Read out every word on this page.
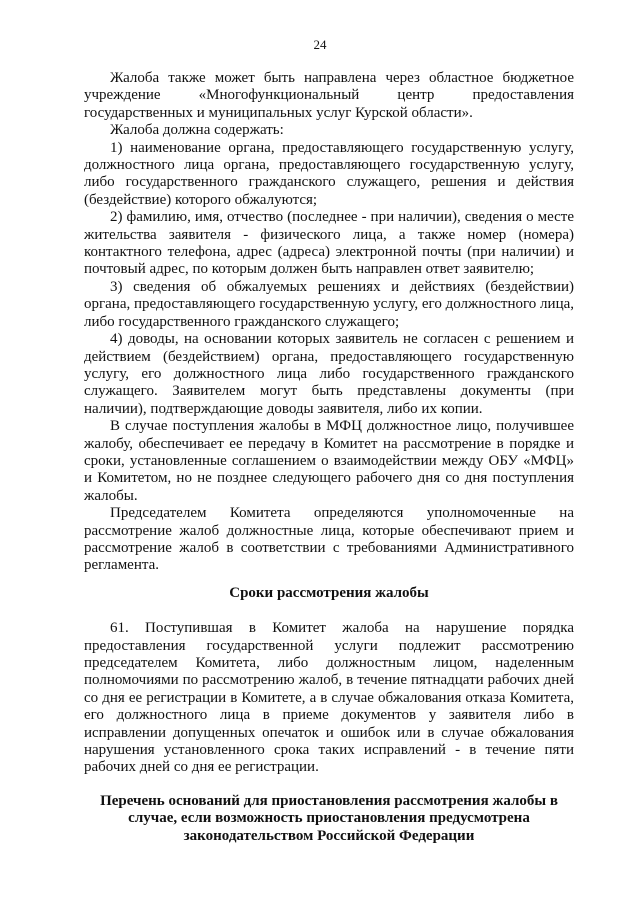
24

Жалоба также может быть направлена через областное бюджетное учреждение «Многофункциональный центр предоставления государственных и муниципальных услуг Курской области».

Жалоба должна содержать:

1) наименование органа, предоставляющего государственную услугу, должностного лица органа, предоставляющего государственную услугу, либо государственного гражданского служащего, решения и действия (бездействие) которого обжалуются;

2) фамилию, имя, отчество (последнее - при наличии), сведения о месте жительства заявителя - физического лица, а также номер (номера) контактного телефона, адрес (адреса) электронной почты (при наличии) и почтовый адрес, по которым должен быть направлен ответ заявителю;

3) сведения об обжалуемых решениях и действиях (бездействии) органа, предоставляющего государственную услугу, его должностного лица, либо государственного гражданского служащего;

4) доводы, на основании которых заявитель не согласен с решением и действием (бездействием) органа, предоставляющего государственную услугу, его должностного лица либо государственного гражданского служащего. Заявителем могут быть представлены документы (при наличии), подтверждающие доводы заявителя, либо их копии.

В случае поступления жалобы в МФЦ должностное лицо, получившее жалобу, обеспечивает ее передачу в Комитет на рассмотрение в порядке и сроки, установленные соглашением о взаимодействии между ОБУ «МФЦ» и Комитетом, но не позднее следующего рабочего дня со дня поступления жалобы.

Председателем Комитета определяются уполномоченные на рассмотрение жалоб должностные лица, которые обеспечивают прием и рассмотрение жалоб в соответствии с требованиями Административного регламента.

Сроки рассмотрения жалобы

61. Поступившая в Комитет жалоба на нарушение порядка предоставления государственной услуги подлежит рассмотрению председателем Комитета, либо должностным лицом, наделенным полномочиями по рассмотрению жалоб, в течение пятнадцати рабочих дней со дня ее регистрации в Комитете, а в случае обжалования отказа Комитета, его должностного лица в приеме документов у заявителя либо в исправлении допущенных опечаток и ошибок или в случае обжалования нарушения установленного срока таких исправлений - в течение пяти рабочих дней со дня ее регистрации.

Перечень оснований для приостановления рассмотрения жалобы в случае, если возможность приостановления предусмотрена законодательством Российской Федерации
